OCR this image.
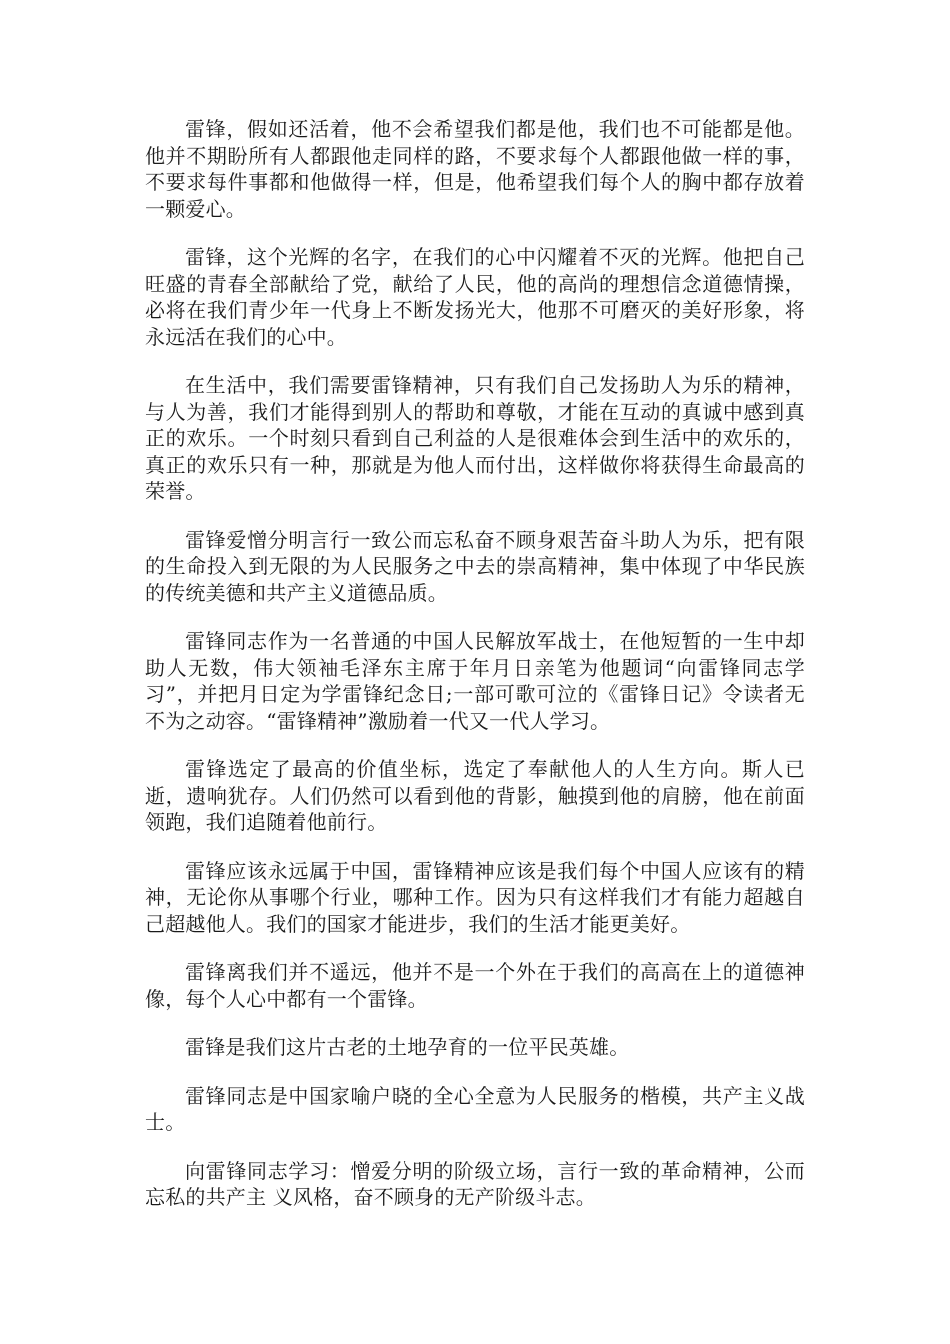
雷锋，假如还活着，他不会希望我们都是他，我们也不可能都是他。他并不期盼所有人都跟他走同样的路，不要求每个人都跟他做一样的事，不要求每件事都和他做得一样，但是，他希望我们每个人的胸中都存放着一颗爱心。

雷锋，这个光辉的名字，在我们的心中闪耀着不灭的光辉。他把自己旺盛的青春全部献给了党，献给了人民，他的高尚的理想信念道德情操，必将在我们青少年一代身上不断发扬光大，他那不可磨灭的美好形象，将永远活在我们的心中。

在生活中，我们需要雷锋精神，只有我们自己发扬助人为乐的精神，与人为善，我们才能得到别人的帮助和尊敬，才能在互动的真诚中感到真正的欢乐。一个时刻只看到自己利益的人是很难体会到生活中的欢乐的，真正的欢乐只有一种，那就是为他人而付出，这样做你将获得生命最高的荣誉。

雷锋爱憎分明言行一致公而忘私奋不顾身艰苦奋斗助人为乐，把有限的生命投入到无限的为人民服务之中去的崇高精神，集中体现了中华民族的传统美德和共产主义道德品质。

雷锋同志作为一名普通的中国人民解放军战士，在他短暂的一生中却助人无数，伟大领袖毛泽东主席于年月日亲笔为他题词“向雷锋同志学习”，并把月日定为学雷锋纪念日;一部可歌可泣的《雷锋日记》令读者无不为之动容。“雷锋精神”激励着一代又一代人学习。

雷锋选定了最高的价值坐标，选定了奉献他人的人生方向。斯人已逝，遗响犹存。人们仍然可以看到他的背影，触摸到他的肩膀，他在前面领跑，我们追随着他前行。

雷锋应该永远属于中国，雷锋精神应该是我们每个中国人应该有的精神，无论你从事哪个行业，哪种工作。因为只有这样我们才有能力超越自己超越他人。我们的国家才能进步，我们的生活才能更美好。

雷锋离我们并不遥远，他并不是一个外在于我们的高高在上的道德神像，每个人心中都有一个雷锋。

雷锋是我们这片古老的土地孕育的一位平民英雄。

雷锋同志是中国家喻户晓的全心全意为人民服务的楷模，共产主义战士。

向雷锋同志学习：憎爱分明的阶级立场，言行一致的革命精神，公而忘私的共产主 义风格，奋不顾身的无产阶级斗志。
